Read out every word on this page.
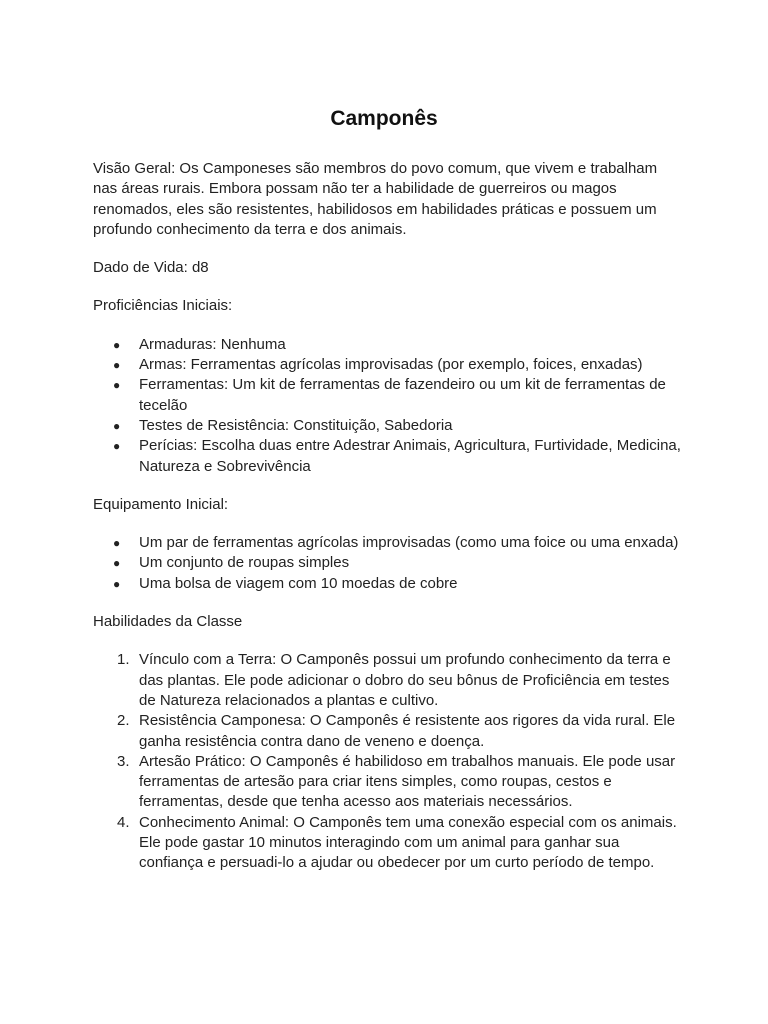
Camponês

Visão Geral: Os Camponeses são membros do povo comum, que vivem e trabalham nas áreas rurais. Embora possam não ter a habilidade de guerreiros ou magos renomados, eles são resistentes, habilidosos em habilidades práticas e possuem um profundo conhecimento da terra e dos animais.

Dado de Vida: d8

Proficiências Iniciais:

● Armaduras: Nenhuma
● Armas: Ferramentas agrícolas improvisadas (por exemplo, foices, enxadas)
● Ferramentas: Um kit de ferramentas de fazendeiro ou um kit de ferramentas de tecelão
● Testes de Resistência: Constituição, Sabedoria
● Perícias: Escolha duas entre Adestrar Animais, Agricultura, Furtividade, Medicina, Natureza e Sobrevivência

Equipamento Inicial:

● Um par de ferramentas agrícolas improvisadas (como uma foice ou uma enxada)
● Um conjunto de roupas simples
● Uma bolsa de viagem com 10 moedas de cobre

Habilidades da Classe

1. Vínculo com a Terra: O Camponês possui um profundo conhecimento da terra e das plantas. Ele pode adicionar o dobro do seu bônus de Proficiência em testes de Natureza relacionados a plantas e cultivo.
2. Resistência Camponesa: O Camponês é resistente aos rigores da vida rural. Ele ganha resistência contra dano de veneno e doença.
3. Artesão Prático: O Camponês é habilidoso em trabalhos manuais. Ele pode usar ferramentas de artesão para criar itens simples, como roupas, cestos e ferramentas, desde que tenha acesso aos materiais necessários.
4. Conhecimento Animal: O Camponês tem uma conexão especial com os animais. Ele pode gastar 10 minutos interagindo com um animal para ganhar sua confiança e persuadi-lo a ajudar ou obedecer por um curto período de tempo.
